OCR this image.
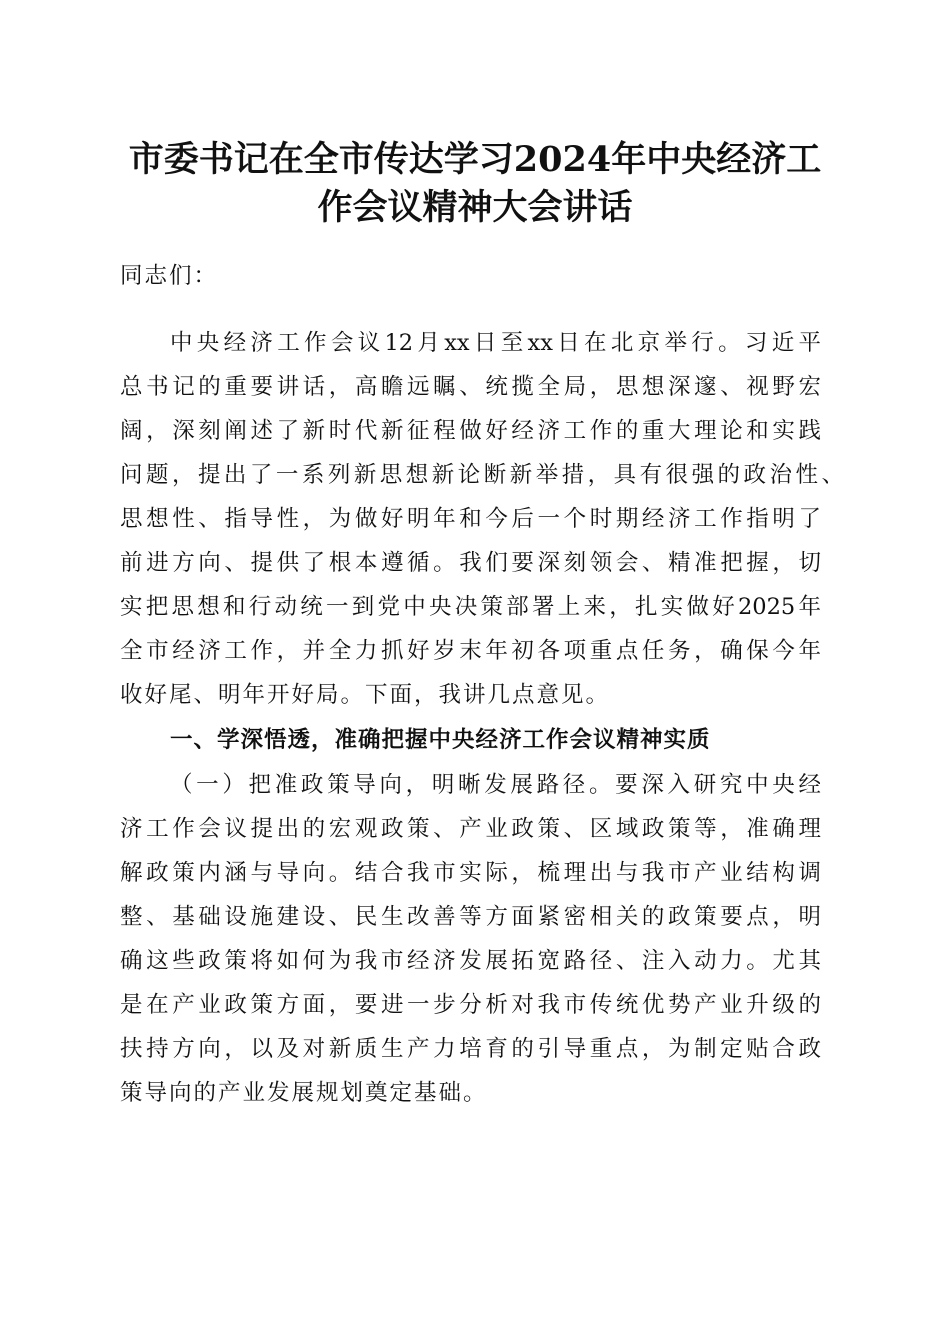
市委书记在全市传达学习2024年中央经济工
作会议精神大会讲话
同志们：
中央经济工作会议12月xx日至xx日在北京举行。习近平
总书记的重要讲话，高瞻远瞩、统揽全局，思想深邃、视野宏
阔，深刻阐述了新时代新征程做好经济工作的重大理论和实践
问题，提出了一系列新思想新论断新举措，具有很强的政治性、
思想性、指导性，为做好明年和今后一个时期经济工作指明了
前进方向、提供了根本遵循。我们要深刻领会、精准把握，切
实把思想和行动统一到党中央决策部署上来，扎实做好2025年
全市经济工作，并全力抓好岁末年初各项重点任务，确保今年
收好尾、明年开好局。下面，我讲几点意见。
一、学深悟透，准确把握中央经济工作会议精神实质
（一）把准政策导向，明晰发展路径。要深入研究中央经
济工作会议提出的宏观政策、产业政策、区域政策等，准确理
解政策内涵与导向。结合我市实际，梳理出与我市产业结构调
整、基础设施建设、民生改善等方面紧密相关的政策要点，明
确这些政策将如何为我市经济发展拓宽路径、注入动力。尤其
是在产业政策方面，要进一步分析对我市传统优势产业升级的
扶持方向，以及对新质生产力培育的引导重点，为制定贴合政
策导向的产业发展规划奠定基础。
